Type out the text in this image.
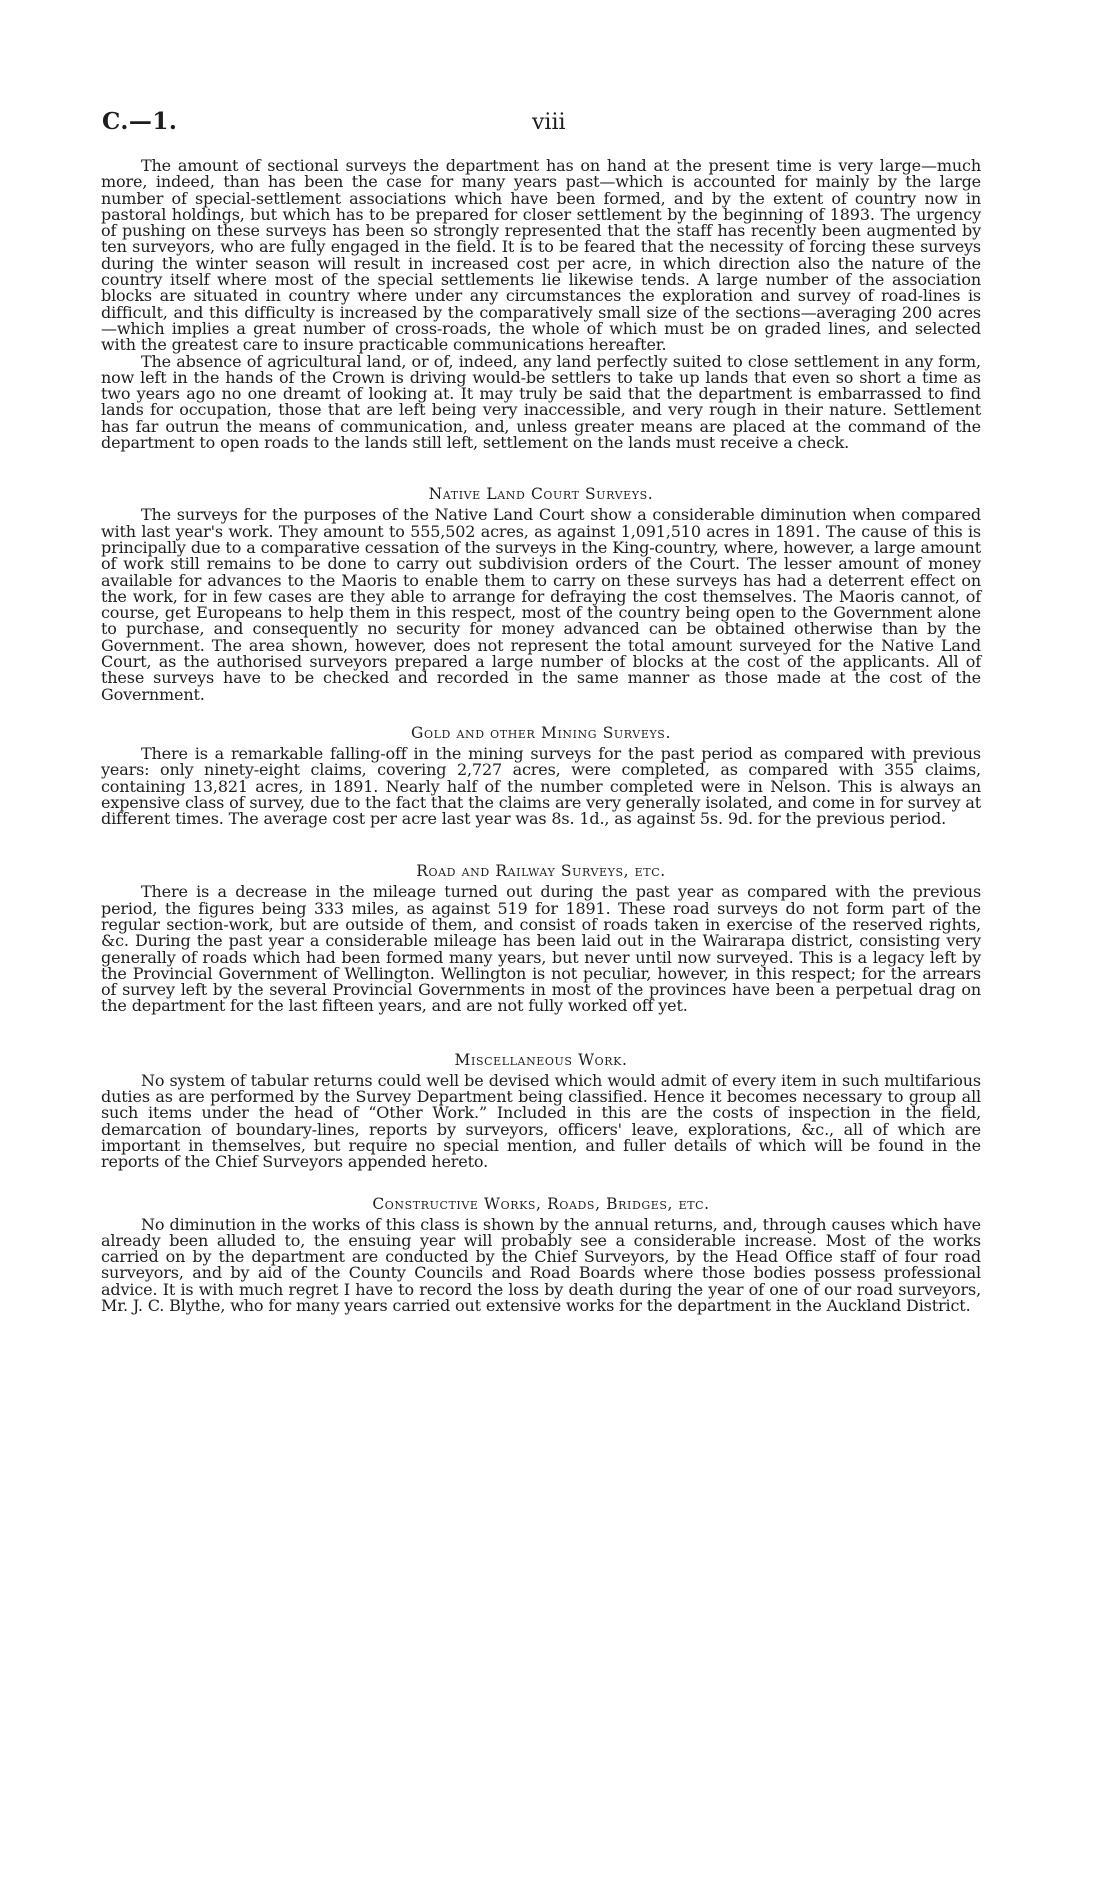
C.—1.	viii

The amount of sectional surveys the department has on hand at the present time is very large—much more, indeed, than has been the case for many years past—which is accounted for mainly by the large number of special-settlement associations which have been formed, and by the extent of country now in pastoral holdings, but which has to be prepared for closer settlement by the beginning of 1893. The urgency of pushing on these surveys has been so strongly represented that the staff has recently been augmented by ten surveyors, who are fully engaged in the field. It is to be feared that the necessity of forcing these surveys during the winter season will result in increased cost per acre, in which direction also the nature of the country itself where most of the special settlements lie likewise tends. A large number of the association blocks are situated in country where under any circumstances the exploration and survey of road-lines is difficult, and this difficulty is increased by the comparatively small size of the sections—averaging 200 acres—which implies a great number of cross-roads, the whole of which must be on graded lines, and selected with the greatest care to insure practicable communications hereafter.

The absence of agricultural land, or of, indeed, any land perfectly suited to close settlement in any form, now left in the hands of the Crown is driving would-be settlers to take up lands that even so short a time as two years ago no one dreamt of looking at. It may truly be said that the department is embarrassed to find lands for occupation, those that are left being very inaccessible, and very rough in their nature. Settlement has far outrun the means of communication, and, unless greater means are placed at the command of the department to open roads to the lands still left, settlement on the lands must receive a check.

Native Land Court Surveys.

The surveys for the purposes of the Native Land Court show a considerable diminution when compared with last year's work. They amount to 555,502 acres, as against 1,091,510 acres in 1891. The cause of this is principally due to a comparative cessation of the surveys in the King-country, where, however, a large amount of work still remains to be done to carry out subdivision orders of the Court. The lesser amount of money available for advances to the Maoris to enable them to carry on these surveys has had a deterrent effect on the work, for in few cases are they able to arrange for defraying the cost themselves. The Maoris cannot, of course, get Europeans to help them in this respect, most of the country being open to the Government alone to purchase, and consequently no security for money advanced can be obtained otherwise than by the Government. The area shown, however, does not represent the total amount surveyed for the Native Land Court, as the authorised surveyors prepared a large number of blocks at the cost of the applicants. All of these surveys have to be checked and recorded in the same manner as those made at the cost of the Government.

Gold and other Mining Surveys.

There is a remarkable falling-off in the mining surveys for the past period as compared with previous years: only ninety-eight claims, covering 2,727 acres, were completed, as compared with 355 claims, containing 13,821 acres, in 1891. Nearly half of the number completed were in Nelson. This is always an expensive class of survey, due to the fact that the claims are very generally isolated, and come in for survey at different times. The average cost per acre last year was 8s. 1d., as against 5s. 9d. for the previous period.

Road and Railway Surveys, etc.

There is a decrease in the mileage turned out during the past year as compared with the previous period, the figures being 333 miles, as against 519 for 1891. These road surveys do not form part of the regular section-work, but are outside of them, and consist of roads taken in exercise of the reserved rights, &c. During the past year a considerable mileage has been laid out in the Wairarapa district, consisting very generally of roads which had been formed many years, but never until now surveyed. This is a legacy left by the Provincial Government of Wellington. Wellington is not peculiar, however, in this respect; for the arrears of survey left by the several Provincial Governments in most of the provinces have been a perpetual drag on the department for the last fifteen years, and are not fully worked off yet.

Miscellaneous Work.

No system of tabular returns could well be devised which would admit of every item in such multifarious duties as are performed by the Survey Department being classified. Hence it becomes necessary to group all such items under the head of “Other Work.” Included in this are the costs of inspection in the field, demarcation of boundary-lines, reports by surveyors, officers' leave, explorations, &c., all of which are important in themselves, but require no special mention, and fuller details of which will be found in the reports of the Chief Surveyors appended hereto.

Constructive Works, Roads, Bridges, etc.

No diminution in the works of this class is shown by the annual returns, and, through causes which have already been alluded to, the ensuing year will probably see a considerable increase. Most of the works carried on by the department are conducted by the Chief Surveyors, by the Head Office staff of four road surveyors, and by aid of the County Councils and Road Boards where those bodies possess professional advice. It is with much regret I have to record the loss by death during the year of one of our road surveyors, Mr. J. C. Blythe, who for many years carried out extensive works for the department in the Auckland District.
